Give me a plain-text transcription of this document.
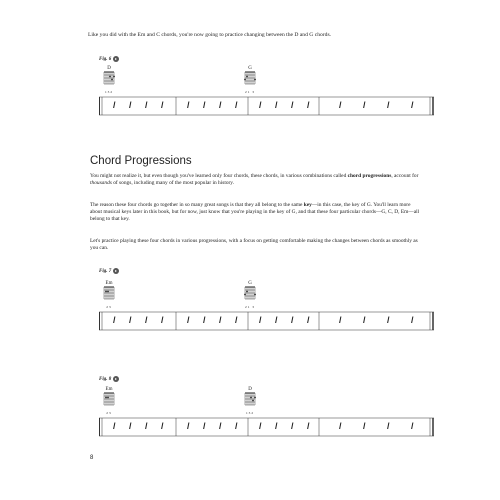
Like you did with the Em and C chords, you're now going to practice changing between the D and G chords.

Fig. 6
D
132
G
21 3
/ / / /	/ / / / / / / /	/ / / /
Chord Progressions

You might not realize it, but even though you've learned only four chords, these chords, in various combinations called chord progressions, account for thousands of songs, including many of the most popular in history.

The reason these four chords go together in so many great songs is that they all belong to the same key—in this case, the key of G. You'll learn more about musical keys later in this book, but for now, just know that you're playing in the key of G, and that these four particular chords—G, C, D, Em—all belong to that key.

Let's practice playing these four chords in various progressions, with a focus on getting comfortable making the changes between chords as smoothly as you can.

Fig. 7
Em
23
G
21 3
/ / / /	/ / / / / / / /	/ / / /
Fig. 8
Em
23
D
132
/ / / /	/ / / / / / / /	/ / / /
8
